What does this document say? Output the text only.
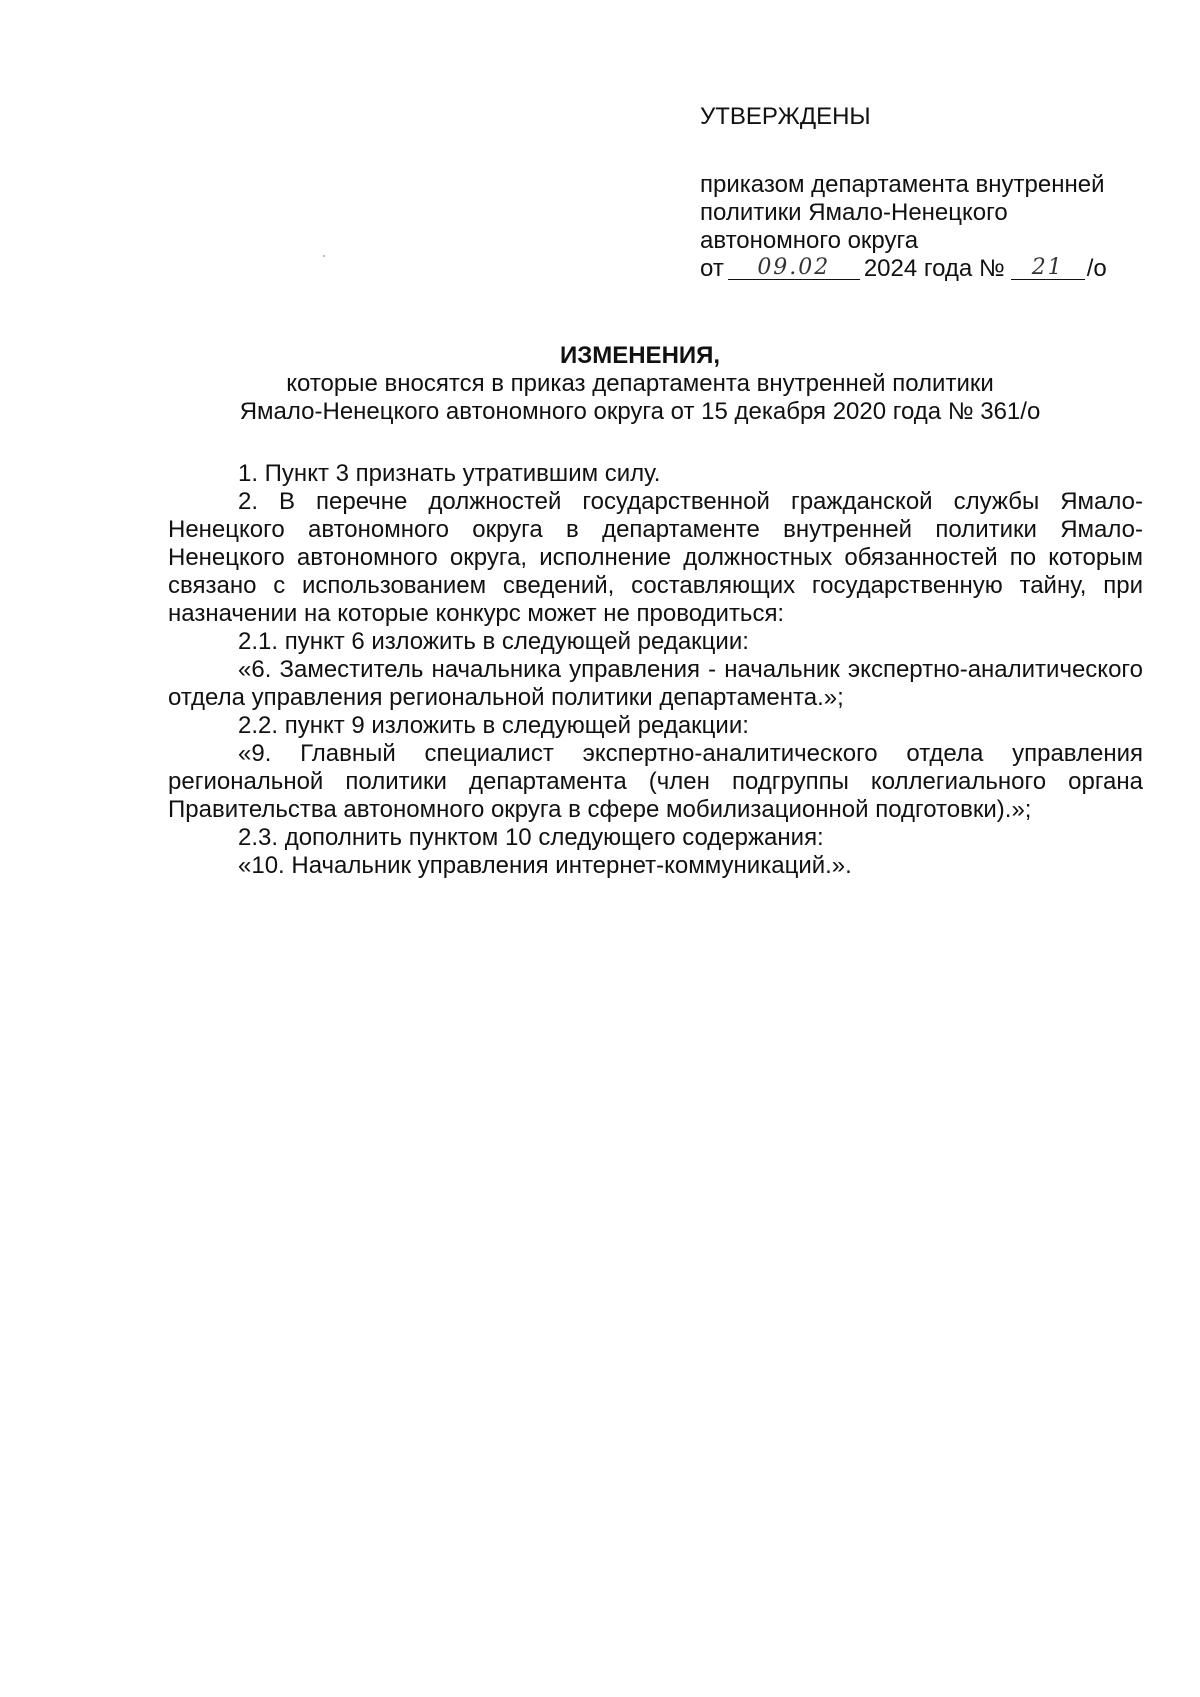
УТВЕРЖДЕНЫ
приказом департамента внутренней
политики Ямало-Ненецкого
автономного округа
от 09.02 2024 года № 21 /о
ИЗМЕНЕНИЯ,
которые вносятся в приказ департамента внутренней политики
Ямало-Ненецкого автономного округа от 15 декабря 2020 года № 361/о

1. Пункт 3 признать утратившим силу.

2. В перечне должностей государственной гражданской службы Ямало-Ненецкого автономного округа в департаменте внутренней политики Ямало-Ненецкого автономного округа, исполнение должностных обязанностей по которым связано с использованием сведений, составляющих государственную тайну, при назначении на которые конкурс может не проводиться:

2.1. пункт 6 изложить в следующей редакции:

«6. Заместитель начальника управления - начальник экспертно-аналитического отдела управления региональной политики департамента.»;

2.2. пункт 9 изложить в следующей редакции:

«9. Главный специалист экспертно-аналитического отдела управления региональной политики департамента (член подгруппы коллегиального органа Правительства автономного округа в сфере мобилизационной подготовки).»;

2.3. дополнить пунктом 10 следующего содержания:

«10. Начальник управления интернет-коммуникаций.».
